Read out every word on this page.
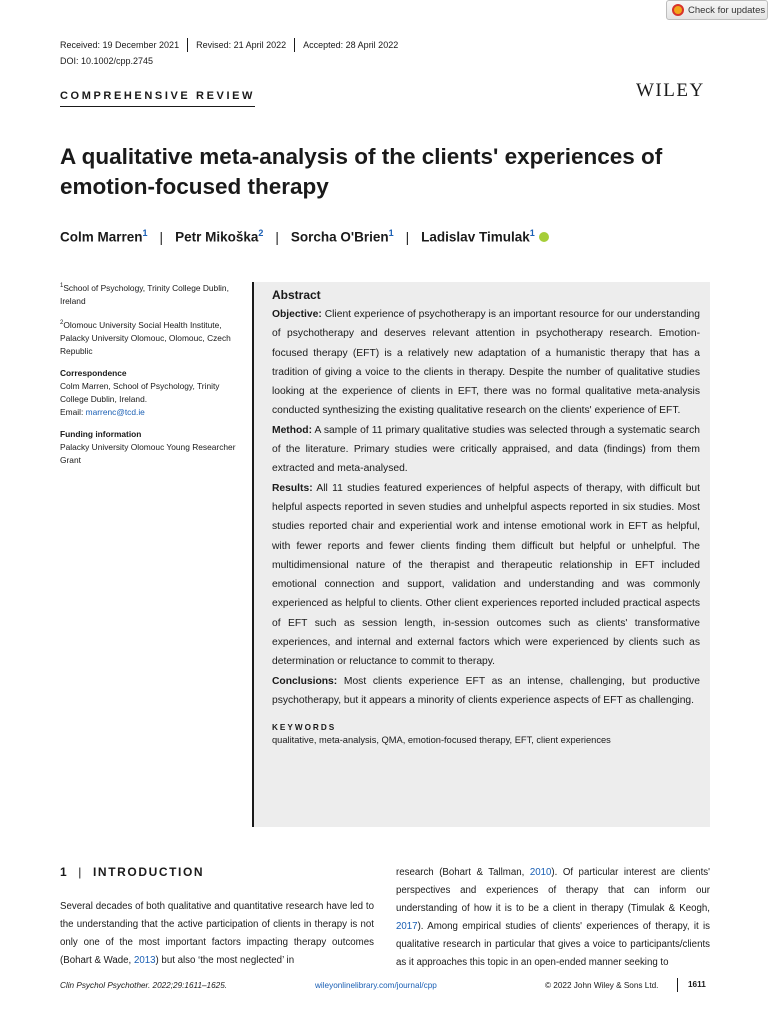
Check for updates
Received: 19 December 2021	Revised: 21 April 2022	Accepted: 28 April 2022
DOI: 10.1002/cpp.2745
COMPREHENSIVE REVIEW	WILEY
A qualitative meta-analysis of the clients' experiences of emotion-focused therapy
Colm Marren$^1$ | Petr Mikoška$^2$ | Sorcha O'Brien$^1$ | Ladislav Timulak$^1$
$^1$School of Psychology, Trinity College Dublin, Ireland
$^2$Olomouc University Social Health Institute, Palacky University Olomouc, Olomouc, Czech Republic
Correspondence
Colm Marren, School of Psychology, Trinity College Dublin, Ireland.
Email: marrenc@tcd.ie
Funding information
Palacky University Olomouc Young Researcher Grant
Abstract

Objective: Client experience of psychotherapy is an important resource for our understanding of psychotherapy and deserves relevant attention in psychotherapy research. Emotion-focused therapy (EFT) is a relatively new adaptation of a humanistic therapy that has a tradition of giving a voice to the clients in therapy. Despite the number of qualitative studies looking at the experience of clients in EFT, there was no formal qualitative meta-analysis conducted synthesizing the existing qualitative research on the clients' experience of EFT.

Method: A sample of 11 primary qualitative studies was selected through a systematic search of the literature. Primary studies were critically appraised, and data (findings) from them extracted and meta-analysed.

Results: All 11 studies featured experiences of helpful aspects of therapy, with difficult but helpful aspects reported in seven studies and unhelpful aspects reported in six studies. Most studies reported chair and experiential work and intense emotional work in EFT as helpful, with fewer reports and fewer clients finding them difficult but helpful or unhelpful. The multidimensional nature of the therapist and therapeutic relationship in EFT included emotional connection and support, validation and understanding and was commonly experienced as helpful to clients. Other client experiences reported included practical aspects of EFT such as session length, in-session outcomes such as clients' transformative experiences, and internal and external factors which were experienced by clients such as determination or reluctance to commit to therapy.

Conclusions: Most clients experience EFT as an intense, challenging, but productive psychotherapy, but it appears a minority of clients experience aspects of EFT as challenging.

KEYWORDS
qualitative, meta-analysis, QMA, emotion-focused therapy, EFT, client experiences
1 | INTRODUCTION
Several decades of both qualitative and quantitative research have led to the understanding that the active participation of clients in therapy is not only one of the most important factors impacting therapy outcomes (Bohart & Wade, 2013) but also ‘the most neglected’ in
research (Bohart & Tallman, 2010). Of particular interest are clients' perspectives and experiences of therapy that can inform our understanding of how it is to be a client in therapy (Timulak & Keogh, 2017). Among empirical studies of clients' experiences of therapy, it is qualitative research in particular that gives a voice to participants/clients as it approaches this topic in an open-ended manner seeking to
Clin Psychol Psychother. 2022;29:1611–1625.	wileyonlinelibrary.com/journal/cpp	© 2022 John Wiley & Sons Ltd.	1611
